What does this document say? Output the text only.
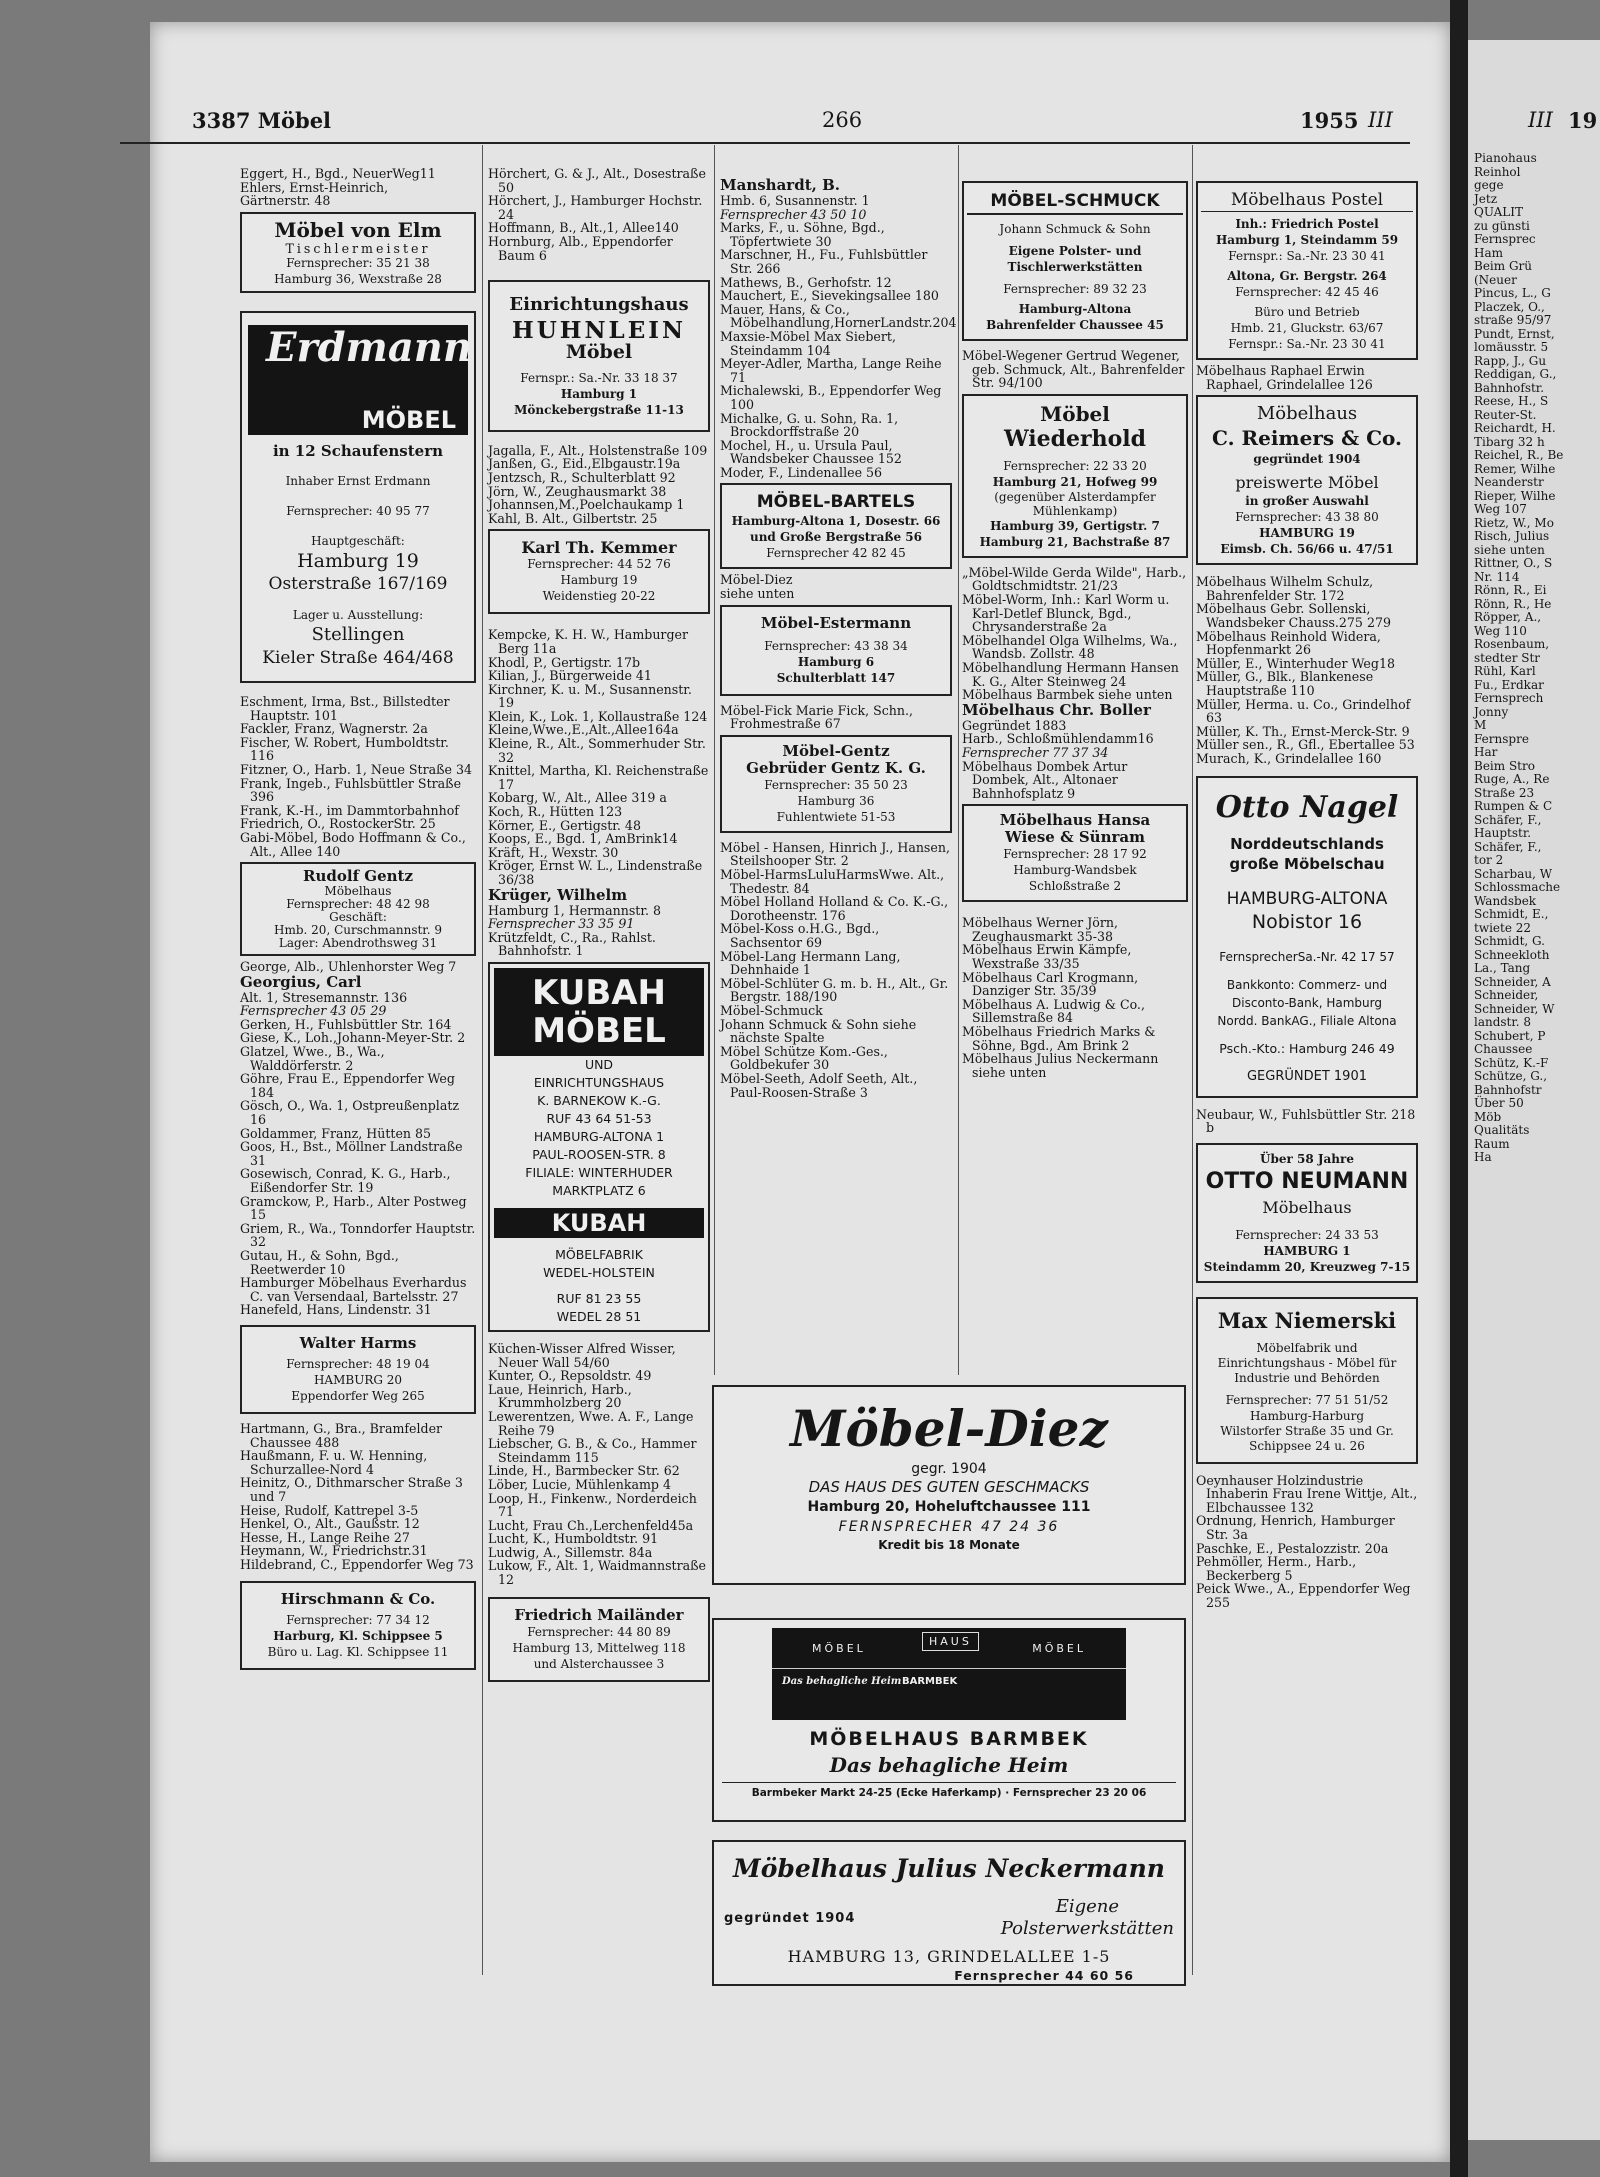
Pianohaus
Reinhol
gege
Jetz
QUALIT
zu günsti
Fernsprec
Ham
Beim Grü
(Neuer
Pincus, L., G
Placzek, O.,
straße 95/97
Pundt, Ernst,
lomäusstr. 5
Rapp, J., Gu
Reddigan, G.,
Bahnhofstr.
Reese, H., S
Reuter-St.
Reichardt, H.
Tibarg 32 h
Reichel, R., Be
Remer, Wilhe
Neanderstr
Rieper, Wilhe
Weg 107
Rietz, W., Mo
Risch, Julius
siehe unten
Rittner, O., S
Nr. 114
Rönn, R., Ei
Rönn, R., He
Röpper, A.,
Weg 110
Rosenbaum,
stedter Str
Rühl, Karl
Fu., Erdkar
Fernsprech
Jonny
M
Fernspre
Har
Beim Stro
Ruge, A., Re
Straße 23
Rumpen & C
Schäfer, F.,
Hauptstr.
Schäfer, F.,
tor 2
Scharbau, W
Schlossmache
Wandsbek
Schmidt, E.,
twiete 22
Schmidt, G.
Schneekloth
La., Tang
Schneider, A
Schneider,
Schneider, W
landstr. 8
Schubert, P
Chaussee
Schütz, K.-F
Schütze, G.,
Bahnhofstr
Über 50
Möb
Qualitäts
Raum
Ha
3387 Möbel	266	1955 III	III 19
Eggert, H., Bgd., NeuerWeg11
Ehlers, Ernst-Heinrich,
Gärtnerstr. 48

Möbel von Elm

Tischlermeister

Fernsprecher: 35 21 38

Hamburg 36, Wexstraße 28

Erdmann
MÖBEL

in 12 Schaufenstern

Inhaber Ernst Erdmann

Fernsprecher: 40 95 77

Hauptgeschäft:

Hamburg 19

Osterstraße 167/169

Lager u. Ausstellung:

Stellingen

Kieler Straße 464/468

Eschment, Irma, Bst., Billstedter Hauptstr. 101
Fackler, Franz, Wagnerstr. 2a
Fischer, W. Robert, Humboldtstr. 116
Fitzner, O., Harb. 1, Neue Straße 34
Frank, Ingeb., Fuhlsbüttler Straße 396
Frank, K.-H., im Dammtorbahnhof
Friedrich, O., RostockerStr. 25
Gabi-Möbel, Bodo Hoffmann & Co., Alt., Allee 140

Rudolf Gentz

Möbelhaus

Fernsprecher: 48 42 98

Geschäft:

Hmb. 20, Curschmannstr. 9

Lager: Abendrothsweg 31

George, Alb., Uhlenhorster Weg 7
Georgius, Carl
Alt. 1, Stresemannstr. 136
Fernsprecher 43 05 29
Gerken, H., Fuhlsbüttler Str. 164
Giese, K., Loh.,Johann-Meyer-Str. 2
Glatzel, Wwe., B., Wa., Walddörferstr. 2
Göhre, Frau E., Eppendorfer Weg 184
Gösch, O., Wa. 1, Ostpreußenplatz 16
Goldammer, Franz, Hütten 85
Goos, H., Bst., Möllner Landstraße 31
Gosewisch, Conrad, K. G., Harb., Eißendorfer Str. 19
Gramckow, P., Harb., Alter Postweg 15
Griem, R., Wa., Tonndorfer Hauptstr. 32
Gutau, H., & Sohn, Bgd., Reetwerder 10
Hamburger Möbelhaus Everhardus C. van Versendaal, Bartelsstr. 27
Hanefeld, Hans, Lindenstr. 31

Walter Harms

Fernsprecher: 48 19 04

HAMBURG 20

Eppendorfer Weg 265

Hartmann, G., Bra., Bramfelder Chaussee 488
Haußmann, F. u. W. Henning, Schurzallee-Nord 4
Heinitz, O., Dithmarscher Straße 3 und 7
Heise, Rudolf, Kattrepel 3-5
Henkel, O., Alt., Gaußstr. 12
Hesse, H., Lange Reihe 27
Heymann, W., Friedrichstr.31
Hildebrand, C., Eppendorfer Weg 73

Hirschmann & Co.

Fernsprecher: 77 34 12

Harburg, Kl. Schippsee 5

Büro u. Lag. Kl. Schippsee 11

Hörchert, G. & J., Alt., Dosestraße 50
Hörchert, J., Hamburger Hochstr. 24
Hoffmann, B., Alt.,1, Allee140
Hornburg, Alb., Eppendorfer Baum 6

Einrichtungshaus

HUHNLEIN

Möbel

Fernspr.: Sa.-Nr. 33 18 37

Hamburg 1

Mönckebergstraße 11-13

Jagalla, F., Alt., Holstenstraße 109
Janßen, G., Eid.,Elbgaustr.19a
Jentzsch, R., Schulterblatt 92
Jörn, W., Zeughausmarkt 38
Johannsen,M.,Poelchaukamp 1
Kahl, B. Alt., Gilbertstr. 25

Karl Th. Kemmer

Fernsprecher: 44 52 76

Hamburg 19

Weidenstieg 20-22

Kempcke, K. H. W., Hamburger Berg 11a
Khodl, P., Gertigstr. 17b
Kilian, J., Bürgerweide 41
Kirchner, K. u. M., Susannenstr. 19
Klein, K., Lok. 1, Kollaustraße 124
Kleine,Wwe.,E.,Alt.,Allee164a
Kleine, R., Alt., Sommerhuder Str. 32
Knittel, Martha, Kl. Reichenstraße 17
Kobarg, W., Alt., Allee 319 a
Koch, R., Hütten 123
Körner, E., Gertigstr. 48
Koops, E., Bgd. 1, AmBrink14
Kräft, H., Wexstr. 30
Kröger, Ernst W. L., Lindenstraße 36/38
Krüger, Wilhelm
Hamburg 1, Hermannstr. 8
Fernsprecher 33 35 91
Krützfeldt, C., Ra., Rahlst. Bahnhofstr. 1
KUBAH
MÖBEL

UND

EINRICHTUNGSHAUS

K. BARNEKOW K.-G.

RUF 43 64 51-53

HAMBURG-ALTONA 1

PAUL-ROOSEN-STR. 8

FILIALE: WINTERHUDER MARKTPLATZ 6

KUBAH

MÖBELFABRIK

WEDEL-HOLSTEIN

RUF 81 23 55

WEDEL 28 51

Küchen-Wisser Alfred Wisser, Neuer Wall 54/60
Kunter, O., Repsoldstr. 49
Laue, Heinrich, Harb., Krummholzberg 20
Lewerentzen, Wwe. A. F., Lange Reihe 79
Liebscher, G. B., & Co., Hammer Steindamm 115
Linde, H., Barmbecker Str. 62
Löber, Lucie, Mühlenkamp 4
Loop, H., Finkenw., Norderdeich 71
Lucht, Frau Ch.,Lerchenfeld45a
Lucht, K., Humboldtstr. 91
Ludwig, A., Sillemstr. 84a
Lukow, F., Alt. 1, Waidmannstraße 12

Friedrich Mailänder

Fernsprecher: 44 80 89

Hamburg 13, Mittelweg 118

und Alsterchaussee 3

Manshardt, B.
Hmb. 6, Susannenstr. 1
Fernsprecher 43 50 10
Marks, F., u. Söhne, Bgd., Töpfertwiete 30
Marschner, H., Fu., Fuhlsbüttler Str. 266
Mathews, B., Gerhofstr. 12
Mauchert, E., Sievekingsallee 180
Mauer, Hans, & Co., Möbelhandlung,HornerLandstr.204
Maxsie-Möbel Max Siebert, Steindamm 104
Meyer-Adler, Martha, Lange Reihe 71
Michalewski, B., Eppendorfer Weg 100
Michalke, G. u. Sohn, Ra. 1, Brockdorffstraße 20
Mochel, H., u. Ursula Paul, Wandsbeker Chaussee 152
Moder, F., Lindenallee 56

MÖBEL-BARTELS

Hamburg-Altona 1, Dosestr. 66

und Große Bergstraße 56

Fernsprecher 42 82 45

Möbel-Diez
siehe unten

Möbel-Estermann

Fernsprecher: 43 38 34

Hamburg 6

Schulterblatt 147

Möbel-Fick Marie Fick, Schn., Frohmestraße 67

Möbel-Gentz

Gebrüder Gentz K. G.

Fernsprecher: 35 50 23

Hamburg 36

Fuhlentwiete 51-53

Möbel - Hansen, Hinrich J., Hansen, Steilshooper Str. 2
Möbel-HarmsLuluHarmsWwe. Alt., Thedestr. 84
Möbel Holland Holland & Co. K.-G., Dorotheenstr. 176
Möbel-Koss o.H.G., Bgd., Sachsentor 69
Möbel-Lang Hermann Lang, Dehnhaide 1
Möbel-Schlüter G. m. b. H., Alt., Gr. Bergstr. 188/190
Möbel-Schmuck
Johann Schmuck & Sohn siehe nächste Spalte
Möbel Schütze Kom.-Ges., Goldbekufer 30
Möbel-Seeth, Adolf Seeth, Alt., Paul-Roosen-Straße 3

MÖBEL-SCHMUCK

Johann Schmuck & Sohn

Eigene Polster- und Tischlerwerkstätten

Fernsprecher: 89 32 23

Hamburg-Altona

Bahrenfelder Chaussee 45

Möbel-Wegener Gertrud Wegener, geb. Schmuck, Alt., Bahrenfelder Str. 94/100

Möbel

Wiederhold

Fernsprecher: 22 33 20

Hamburg 21, Hofweg 99

(gegenüber Alsterdampfer Mühlenkamp)

Hamburg 39, Gertigstr. 7

Hamburg 21, Bachstraße 87

„Möbel-Wilde Gerda Wilde", Harb., Goldtschmidtstr. 21/23
Möbel-Worm, Inh.: Karl Worm u. Karl-Detlef Blunck, Bgd., Chrysanderstraße 2a
Möbelhandel Olga Wilhelms, Wa., Wandsb. Zollstr. 48
Möbelhandlung Hermann Hansen K. G., Alter Steinweg 24
Möbelhaus Barmbek siehe unten
Möbelhaus Chr. Boller
Gegründet 1883
Harb., Schloßmühlendamm16
Fernsprecher 77 37 34
Möbelhaus Dombek Artur Dombek, Alt., Altonaer Bahnhofsplatz 9

Möbelhaus Hansa

Wiese & Sünram

Fernsprecher: 28 17 92

Hamburg-Wandsbek

Schloßstraße 2

Möbelhaus Werner Jörn, Zeughausmarkt 35-38
Möbelhaus Erwin Kämpfe, Wexstraße 33/35
Möbelhaus Carl Krogmann, Danziger Str. 35/39
Möbelhaus A. Ludwig & Co., Sillemstraße 84
Möbelhaus Friedrich Marks & Söhne, Bgd., Am Brink 2
Möbelhaus Julius Neckermann siehe unten

Möbelhaus Postel

Inh.: Friedrich Postel

Hamburg 1, Steindamm 59

Fernspr.: Sa.-Nr. 23 30 41

Altona, Gr. Bergstr. 264

Fernsprecher: 42 45 46

Büro und Betrieb

Hmb. 21, Gluckstr. 63/67

Fernspr.: Sa.-Nr. 23 30 41

Möbelhaus Raphael Erwin Raphael, Grindelallee 126

Möbelhaus

C. Reimers & Co.

gegründet 1904

preiswerte Möbel

in großer Auswahl

Fernsprecher: 43 38 80

HAMBURG 19

Eimsb. Ch. 56/66 u. 47/51

Möbelhaus Wilhelm Schulz, Bahrenfelder Str. 172
Möbelhaus Gebr. Sollenski, Wandsbeker Chauss.275 279
Möbelhaus Reinhold Widera, Hopfenmarkt 26
Müller, E., Winterhuder Weg18
Müller, G., Blk., Blankenese Hauptstraße 110
Müller, Herma. u. Co., Grindelhof 63
Müller, K. Th., Ernst-Merck-Str. 9
Müller sen., R., Gfl., Ebertallee 53
Murach, K., Grindelallee 160

Otto Nagel

Norddeutschlands

große Möbelschau

HAMBURG-ALTONA

Nobistor 16

FernsprecherSa.-Nr. 42 17 57

Bankkonto: Commerz- und Disconto-Bank, Hamburg

Nordd. BankAG., Filiale Altona

Psch.-Kto.: Hamburg 246 49

GEGRÜNDET 1901

Neubaur, W., Fuhlsbüttler Str. 218 b

Über 58 Jahre

OTTO NEUMANN

Möbelhaus

Fernsprecher: 24 33 53

HAMBURG 1

Steindamm 20, Kreuzweg 7-15

Max Niemerski

Möbelfabrik und Einrichtungshaus - Möbel für Industrie und Behörden

Fernsprecher: 77 51 51/52

Hamburg-Harburg

Wilstorfer Straße 35 und Gr. Schippsee 24 u. 26

Oeynhauser Holzindustrie Inhaberin Frau Irene Wittje, Alt., Elbchaussee 132
Ordnung, Henrich, Hamburger Str. 3a
Paschke, E., Pestalozzistr. 20a
Pehmöller, Herm., Harb., Beckerberg 5
Peick Wwe., A., Eppendorfer Weg 255

Möbel-Diez

gegr. 1904

DAS HAUS DES GUTEN GESCHMACKS

Hamburg 20, Hoheluftchaussee 111

FERNSPRECHER 47 24 36

Kredit bis 18 Monate

MÖBEL
HAUS
MÖBEL
BARMBEK
Das behagliche Heim

MÖBELHAUS BARMBEK

Das behagliche Heim

Barmbeker Markt 24-25 (Ecke Haferkamp) · Fernsprecher 23 20 06

Möbelhaus Julius Neckermann

gegründet 1904

Eigene

Polsterwerkstätten

HAMBURG 13, GRINDELALLEE 1-5

Fernsprecher 44 60 56
